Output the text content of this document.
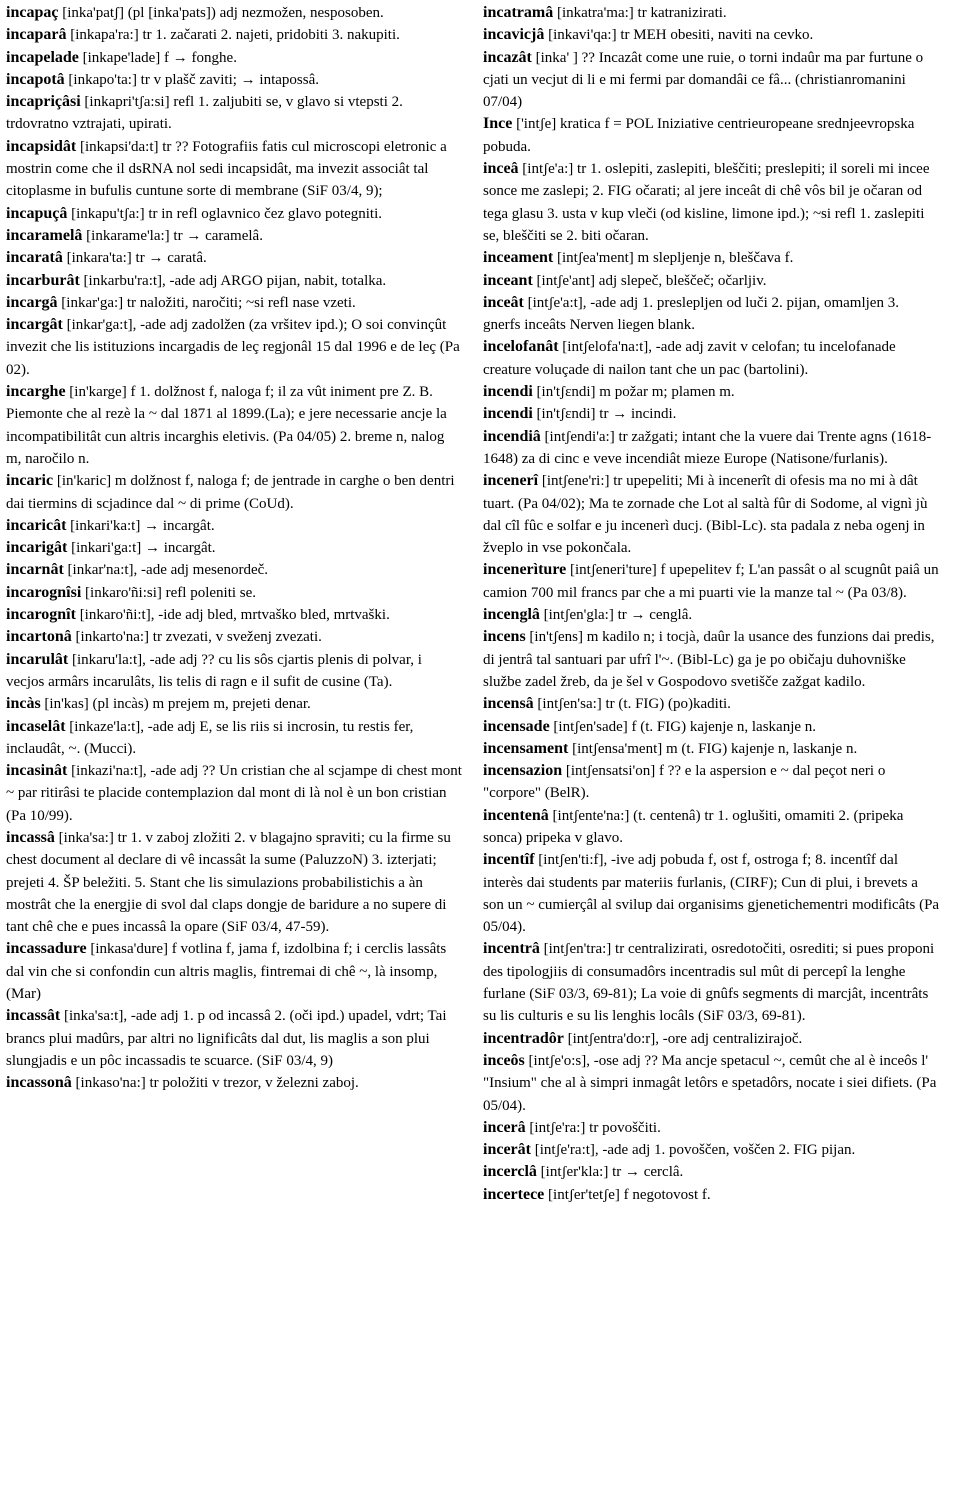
incapaç [inka'patʃ] (pl [inka'pats]) adj nezmožen, nesposoben.

incaparâ [inkapa'ra:] tr 1. začarati 2. najeti, pridobiti 3. nakupiti.

incapelade [inkape'lade] f → fonghe.

incapotâ [inkapo'ta:] tr v plašč zaviti; → intapossâ.

incapriçâsi [inkapri'tʃa:si] refl 1. zaljubiti se, v glavo si vtepsti 2. trdovratno vztrajati, upirati.

incapsidât [inkapsi'da:t] tr ?? Fotografiis fatis cul microscopi eletronic a mostrin come che il dsRNA nol sedi incapsidât, ma invezit associât tal citoplasme in bufulis cuntune sorte di membrane (SiF 03/4, 9);

incapuçâ [inkapu'tʃa:] tr in refl oglavnico čez glavo potegniti.

incaramelâ [inkarame'la:] tr → caramelâ.

incaratâ [inkara'ta:] tr → caratâ.

incarburât [inkarbu'ra:t], -ade adj ARGO pijan, nabit, totalka.

incargâ [inkar'ga:] tr naložiti, naročiti; ~si refl nase vzeti.

incargât [inkar'ga:t], -ade adj zadolžen (za vršitev ipd.); O soi convinçût invezit che lis istituzions incargadis de leç regjonâl 15 dal 1996 e de leç (Pa 02).

incarghe [in'karge] f 1. dolžnost f, naloga f; il za vût iniment pre Z. B. Piemonte che al rezè la ~ dal 1871 al 1899.(La); e jere necessarie ancje la incompatibilitât cun altris incarghis eletivis. (Pa 04/05) 2. breme n, nalog m, naročilo n.

incaric [in'karic] m dolžnost f, naloga f; de jentrade in carghe o ben dentri dai tiermins di scjadince dal ~ di prime (CoUd).

incaricât [inkari'ka:t] → incargât.

incarigât [inkari'ga:t] → incargât.

incarnât [inkar'na:t], -ade adj mesenordeč.

incarognîsi [inkaro'ñi:si] refl poleniti se.

incarognît [inkaro'ñi:t], -ide adj bled, mrtvaško bled, mrtvaški.

incartonâ [inkarto'na:] tr zvezati, v sveženj zvezati.

incarulât [inkaru'la:t], -ade adj ?? cu lis sôs cjartis plenis di polvar, i vecjos armârs incarulâts, lis telis di ragn e il sufit de cusine (Ta).

incàs [in'kas] (pl incàs) m prejem m, prejeti denar.

incaselât [inkaze'la:t], -ade adj E, se lis riis si incrosin, tu restis fer, inclaudât, ~. (Mucci).

incasinât [inkazi'na:t], -ade adj ?? Un cristian che al scjampe di chest mont ~ par ritirâsi te placide contemplazion dal mont di là nol è un bon cristian (Pa 10/99).

incassâ [inka'sa:] tr 1. v zaboj zložiti 2. v blagajno spraviti; cu la firme su chest document al declare di vê incassât la sume (PaluzzoN) 3. izterjati; prejeti 4. ŠP beležiti. 5. Stant che lis simulazions probabilistichis a àn mostrât che la energjie di svol dal claps dongje de baridure a no supere di tant chê che e pues incassâ la opare (SiF 03/4, 47-59).

incassadure [inkasa'dure] f votlina f, jama f, izdolbina f; i cerclis lassâts dal vin che si confondin cun altris maglis, fintremai di chê ~, là insomp, (Mar)

incassât [inka'sa:t], -ade adj 1. p od incassâ 2. (oči ipd.) upadel, vdrt; Tai brancs plui madûrs, par altri no lignificâts dal dut, lis maglis a son plui slungjadis e un pôc incassadis te scuarce. (SiF 03/4, 9)

incassonâ [inkaso'na:] tr položiti v trezor, v železni zaboj.

incatramâ [inkatra'ma:] tr katranizirati.

incavicjâ [inkavi'qa:] tr MEH obesiti, naviti na cevko.

incazât [inka' ] ?? Incazât come une ruie, o torni indaûr ma par furtune o cjati un vecjut di li e mi fermi par domandâi ce fâ... (christianromanini 07/04)

Ince ['intʃe] kratica f = POL Iniziative centrieuropeane srednjeevropska pobuda.

inceâ [intʃe'a:] tr 1. oslepiti, zaslepiti, bleščiti; preslepiti; il soreli mi incee sonce me zaslepi; 2. FIG očarati; al jere inceât di chê vôs bil je očaran od tega glasu 3. usta v kup vleči (od kisline, limone ipd.); ~si refl 1. zaslepiti se, bleščiti se 2. biti očaran.

inceament [intʃea'ment] m slepljenje n, bleščava f.

inceant [intʃe'ant] adj slepeč, bleščeč; očarljiv.

inceât [intʃe'a:t], -ade adj 1. presleplјen od luči 2. pijan, omamljen 3. gnerfs inceâts Nerven liegen blank.

incelofanât [intʃelofa'na:t], -ade adj zavit v celofan; tu incelofanade creature voluçade di nailon tant che un pac (bartolini).

incendi [in'tʃɛndi] m požar m; plamen m.

incendi [in'tʃɛndi] tr → incindi.

incendiâ [intʃendi'a:] tr zažgati; intant che la vuere dai Trente agns (1618-1648) za di cinc e veve incendiât mieze Europe (Natisone/furlanis).

incenerî [intʃene'ri:] tr upepeliti; Mi à incenerît di ofesis ma no mi à dât tuart. (Pa 04/02); Ma te zornade che Lot al saltà fûr di Sodome, al vignì jù dal cîl fûc e solfar e ju incenerì ducj. (Bibl-Lc). sta padala z neba ogenj in žveplo in vse pokončala.

incenerìture [intʃeneri'ture] f upepelitev f; L'an passât o al scugnût paiâ un camion 700 mil francs par che a mi puarti vie la manze tal ~ (Pa 03/8).

incenglâ [intʃen'gla:] tr → cenglâ.

incens [in'tʃens] m kadilo n; i tocjà, daûr la usance des funzions dai predis, di jentrâ tal santuari par ufrî l'~. (Bibl-Lc) ga je po običaju duhovniške službe zadel žreb, da je šel v Gospodovo svetišče zažgat kadilo.

incensâ [intʃen'sa:] tr (t. FIG) (po)kaditi.

incensade [intʃen'sade] f (t. FIG) kajenje n, laskanje n.

incensament [intʃensa'ment] m (t. FIG) kajenje n, laskanje n.

incensazion [intʃensatsi'on] f ?? e la aspersion e ~ dal peçot neri o "corpore" (BelR).

incentenâ [intʃente'na:] (t. centenâ) tr 1. oglušiti, omamiti 2. (pripeka sonca) pripeka v glavo.

incentîf [intʃen'ti:f], -ive adj pobuda f, ost f, ostroga f; 8. incentîf dal interès dai students par materiis furlanis, (CIRF); Cun di plui, i brevets a son un ~ cumierçâl al svilup dai organisims gjenetichementri modificâts (Pa 05/04).

incentrâ [intʃen'tra:] tr centralizirati, osredotočiti, osrediti; si pues proponi des tipologjiis di consumadôrs incentradis sul mût di percepî la lenghe furlane (SiF 03/3, 69-81); La voie di gnûfs segments di marcjât, incentrâts su lis culturis e su lis lenghis locâls (SiF 03/3, 69-81).

incentradôr [intʃentra'do:r], -ore adj centralizirajoč.

inceôs [intʃe'o:s], -ose adj ?? Ma ancje spetacul ~, cemût che al è inceôs l' "Insium" che al à simpri inmagât letôrs e spetadôrs, nocate i siei difiets. (Pa 05/04).

incerâ [intʃe'ra:] tr povoščiti.

incerât [intʃe'ra:t], -ade adj 1. povoščen, voščen 2. FIG pijan.

incerclâ [intʃer'kla:] tr → cerclâ.

incertece [intʃer'tetʃe] f negotovost f.
